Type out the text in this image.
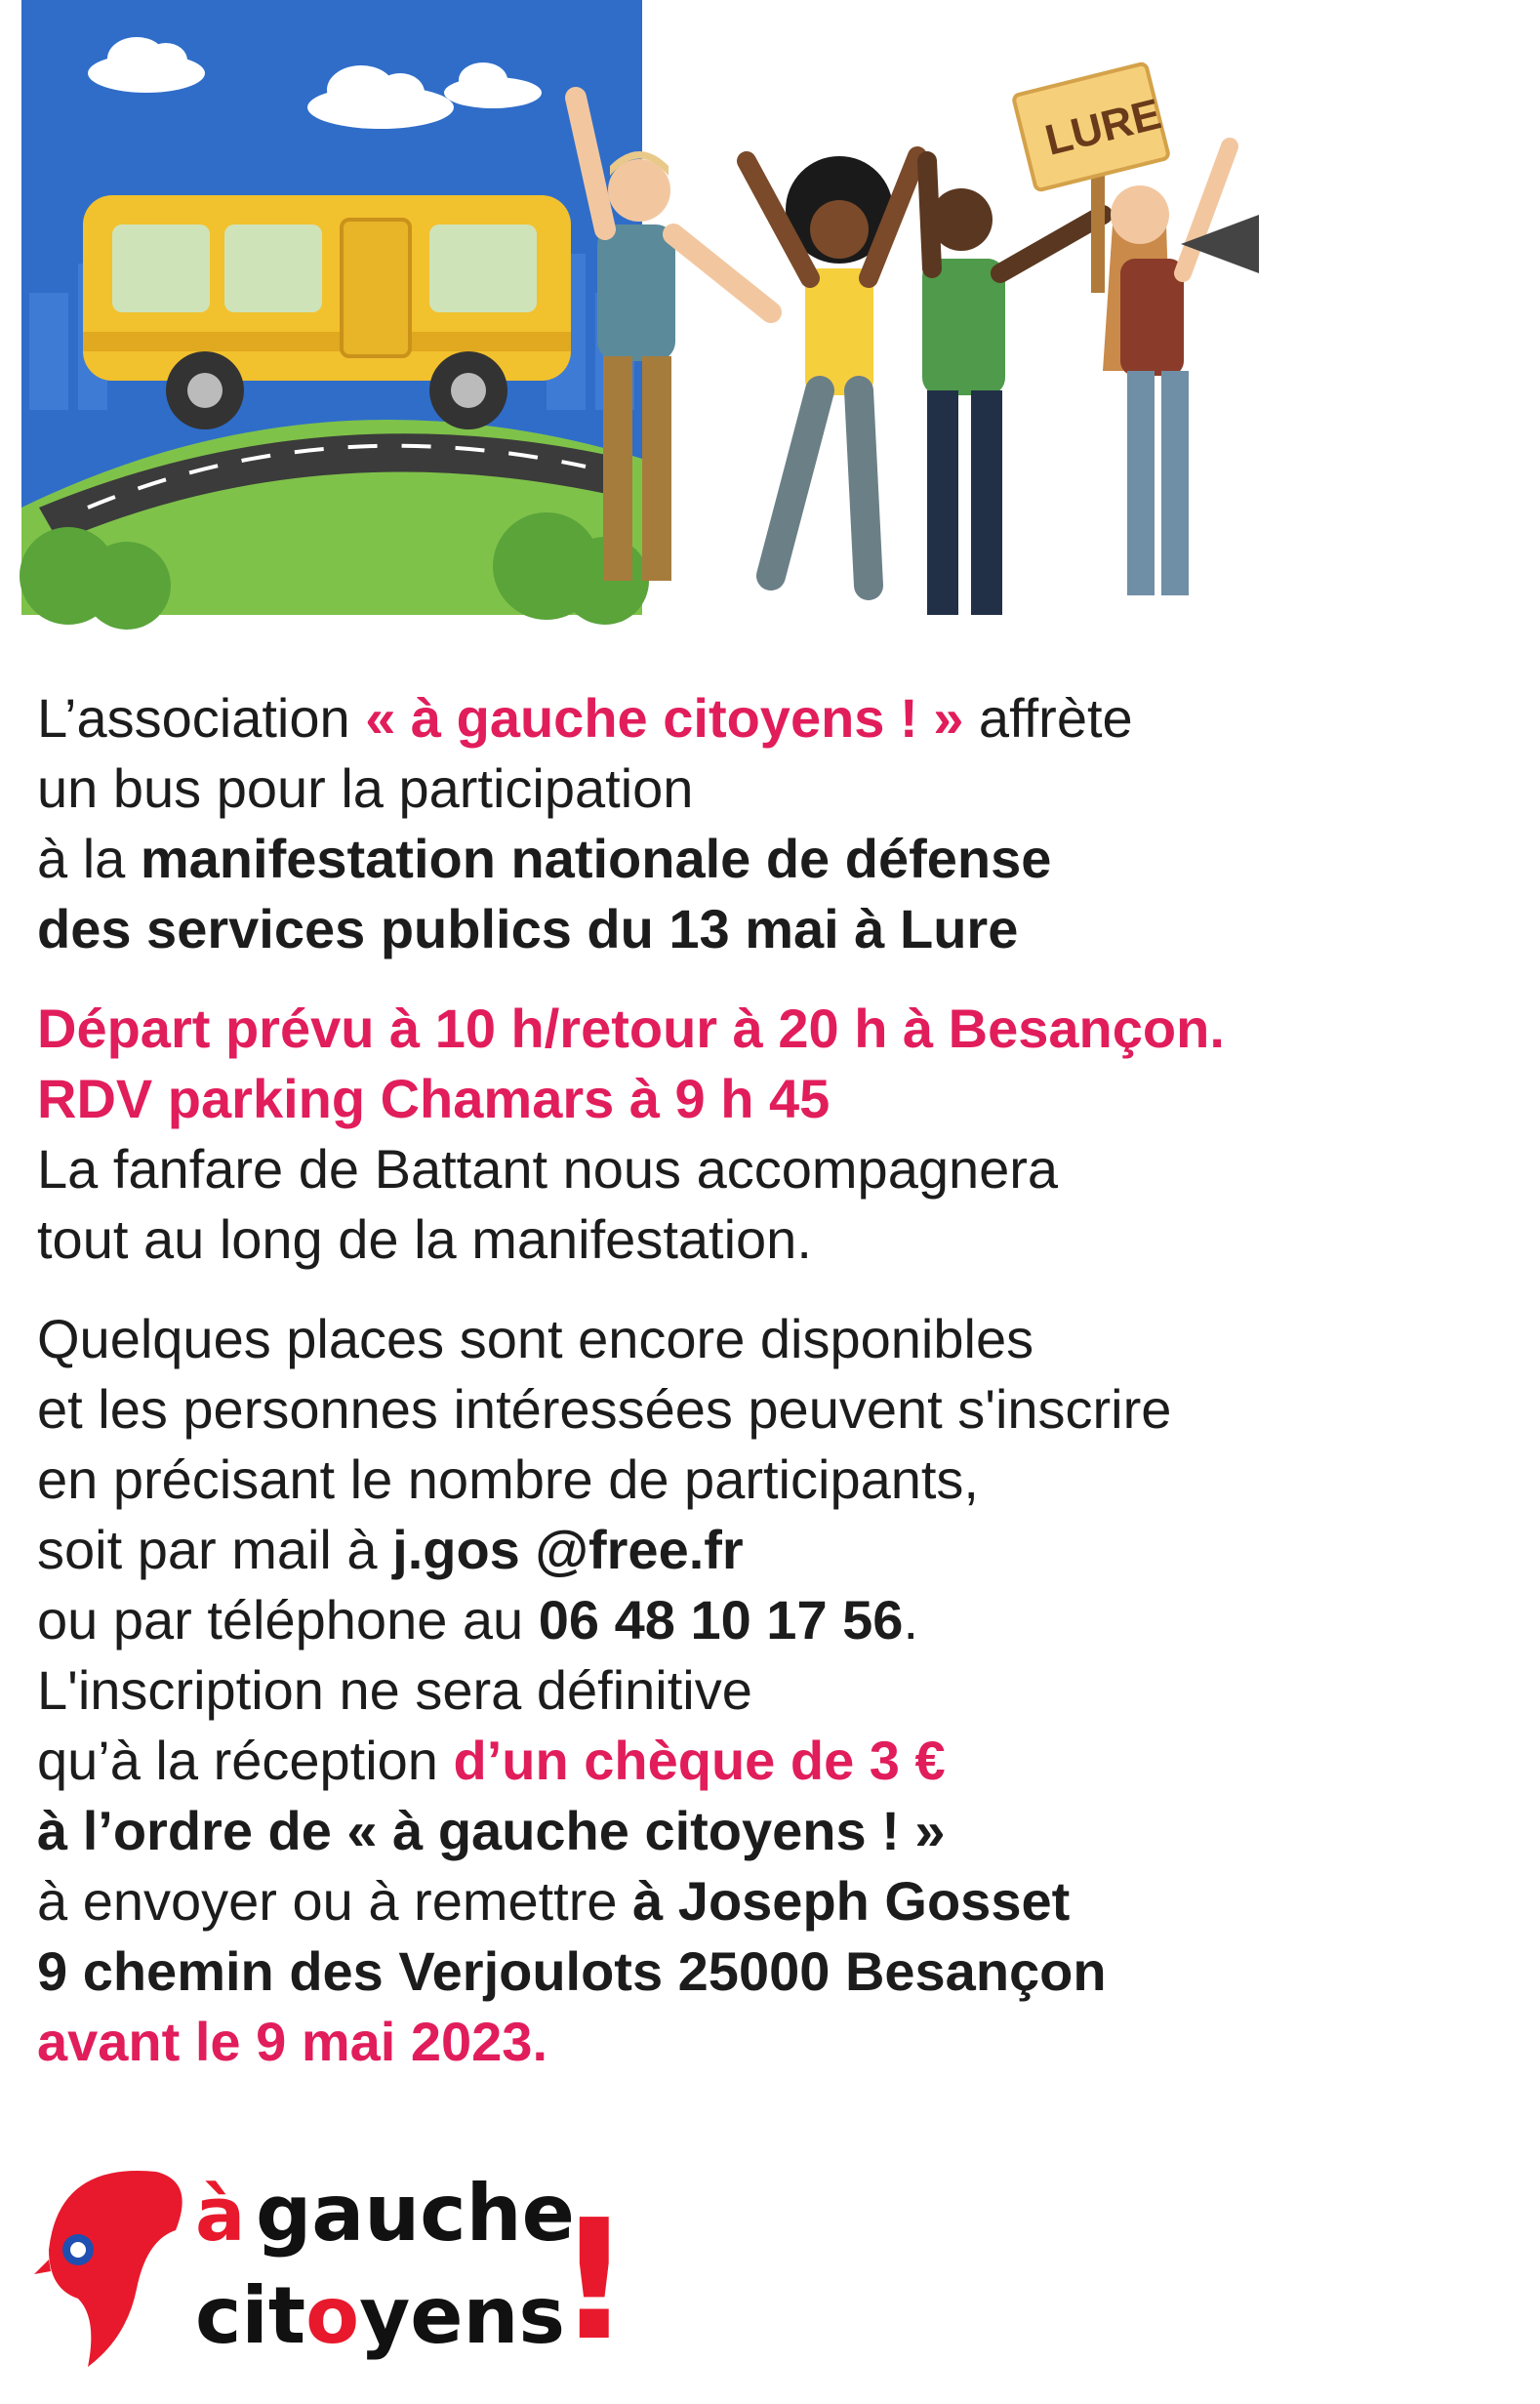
LURE

L’association « à gauche citoyens ! » affrète
un bus pour la participation
à la manifestation nationale de défense
des services publics du 13 mai à Lure

Départ prévu à 10 h/retour à 20 h à Besançon.
RDV parking Chamars à 9 h 45
La fanfare de Battant nous accompagnera
tout au long de la manifestation.

Quelques places sont encore disponibles
et les personnes intéressées peuvent s'inscrire
en précisant le nombre de participants,
soit par mail à j.gos @free.fr
ou par téléphone au 06 48 10 17 56.
L'inscription ne sera définitive
qu’à la réception d’un chèque de 3 €
à l’ordre de « à gauche citoyens ! »
à envoyer ou à remettre à Joseph Gosset
9 chemin des Verjoulots 25000 Besançon
avant le 9 mai 2023.

à gauche
citoyens
!
